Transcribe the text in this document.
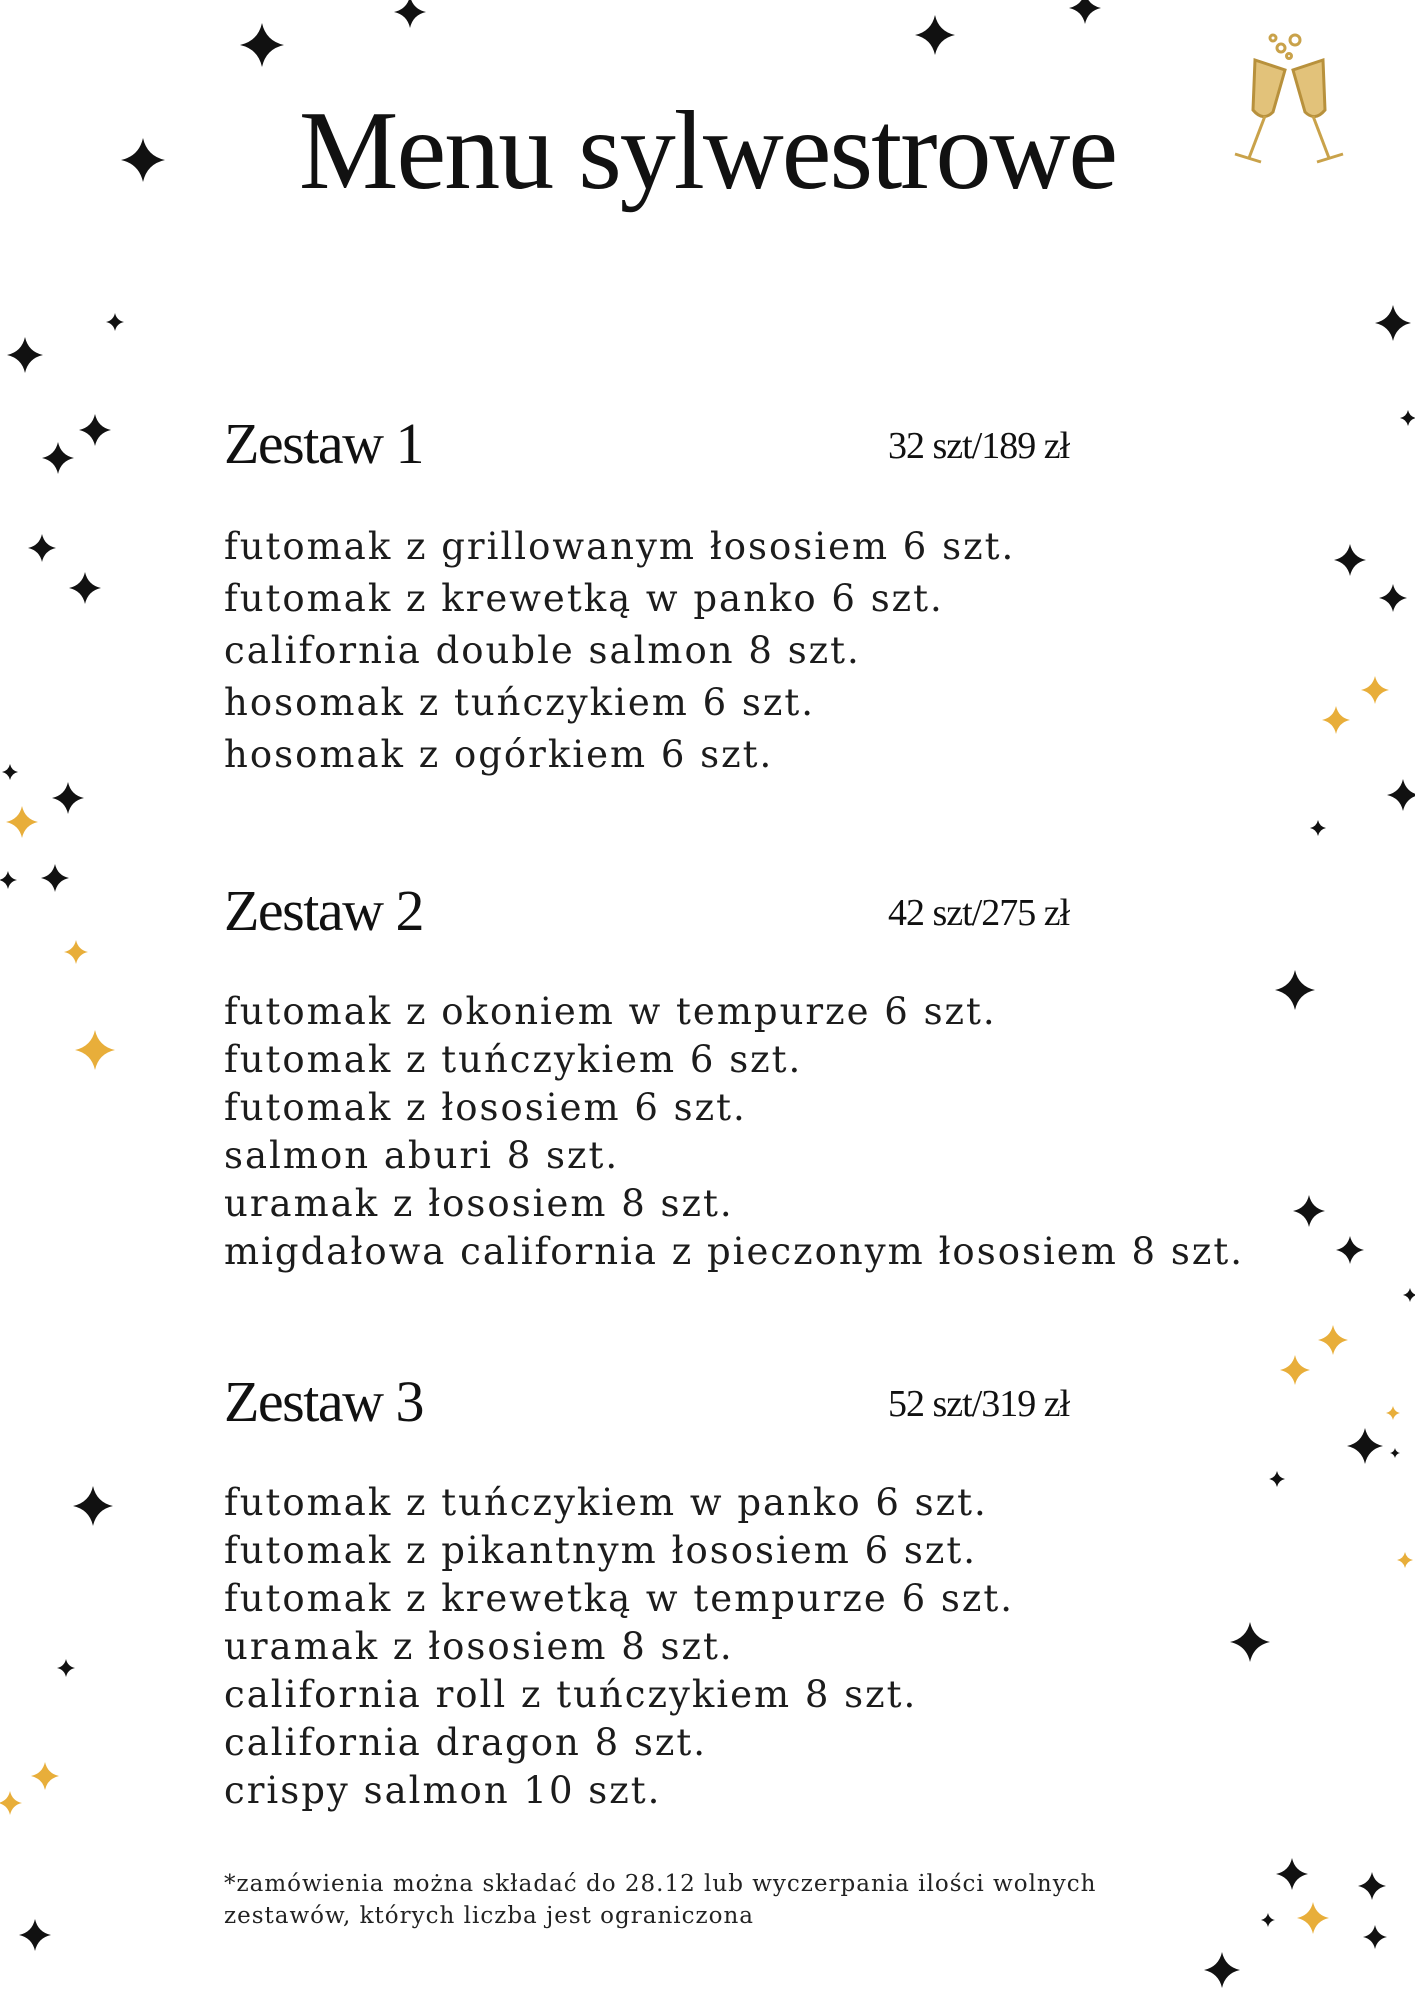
Menu sylwestrowe
Zestaw 1	32 szt/189 zł
futomak z grillowanym łososiem 6 szt.
futomak z krewetką w panko 6 szt.
california double salmon 8 szt.
hosomak z tuńczykiem 6 szt.
hosomak z ogórkiem 6 szt.
Zestaw 2	42 szt/275 zł
futomak z okoniem w tempurze 6 szt.
futomak z tuńczykiem 6 szt.
futomak z łososiem 6 szt.
salmon aburi 8 szt.
uramak z łososiem 8 szt.
migdałowa california z pieczonym łososiem 8 szt.
Zestaw 3	52 szt/319 zł
futomak z tuńczykiem w panko 6 szt.
futomak z pikantnym łososiem 6 szt.
futomak z krewetką w tempurze 6 szt.
uramak z łososiem 8 szt.
california roll z tuńczykiem 8 szt.
california dragon 8 szt.
crispy salmon 10 szt.
*zamówienia można składać do 28.12 lub wyczerpania ilości wolnych
zestawów, których liczba jest ograniczona
